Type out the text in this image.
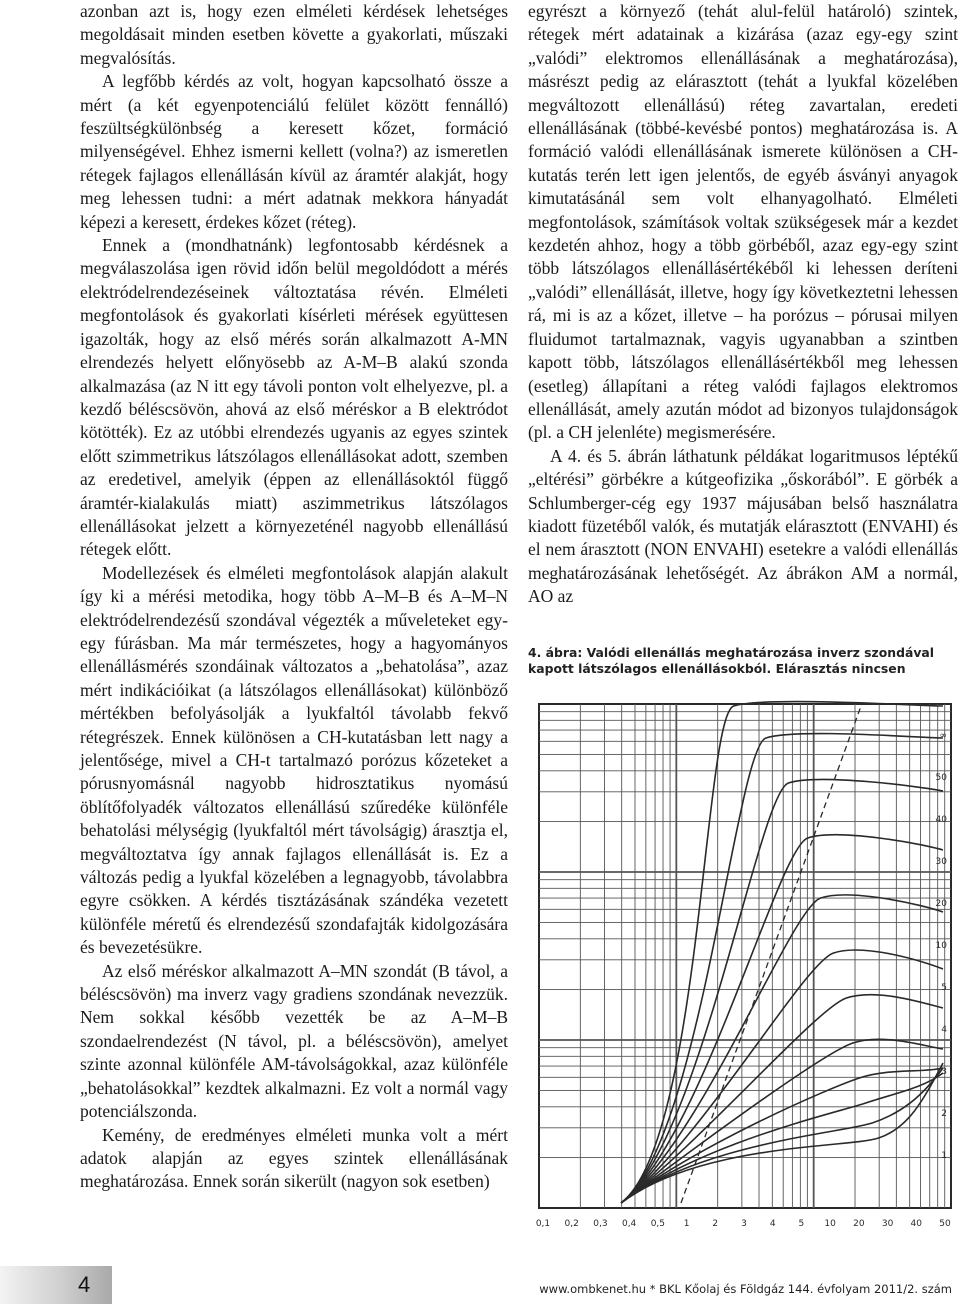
azonban azt is, hogy ezen elméleti kérdések lehetséges megoldásait minden esetben követte a gyakorlati, műszaki megvalósítás.

A legfőbb kérdés az volt, hogyan kapcsolható össze a mért (a két egyenpotenciálú felület között fennálló) feszültségkülönbség a keresett kőzet, formáció milyenségével. Ehhez ismerni kellett (volna?) az ismeretlen rétegek fajlagos ellenállásán kívül az áramtér alakját, hogy meg lehessen tudni: a mért adatnak mekkora hányadát képezi a keresett, érdekes kőzet (réteg).

Ennek a (mondhatnánk) legfontosabb kérdésnek a megválaszolása igen rövid időn belül megoldódott a mérés elektródelrendezéseinek változtatása révén. Elméleti megfontolások és gyakorlati kísérleti mérések együttesen igazolták, hogy az első mérés során alkalmazott A-MN elrendezés helyett előnyösebb az A-M–B alakú szonda alkalmazása (az N itt egy távoli ponton volt elhelyezve, pl. a kezdő béléscsövön, ahová az első méréskor a B elektródot kötötték). Ez az utóbbi elrendezés ugyanis az egyes szintek előtt szimmetrikus látszólagos ellenállásokat adott, szemben az eredetivel, amelyik (éppen az ellenállásoktól függő áramtér-kialakulás miatt) aszimmetrikus látszólagos ellenállásokat jelzett a környezeténél nagyobb ellenállású rétegek előtt.

Modellezések és elméleti megfontolások alapján alakult így ki a mérési metodika, hogy több A–M–B és A–M–N elektródelrendezésű szondával végezték a műveleteket egy-egy fúrásban. Ma már természetes, hogy a hagyományos ellenállásmérés szondáinak változatos a „behatolása”, azaz mért indikációikat (a látszólagos ellenállásokat) különböző mértékben befolyásolják a lyukfaltól távolabb fekvő rétegrészek. Ennek különösen a CH-kutatásban lett nagy a jelentősége, mivel a CH-t tartalmazó porózus kőzeteket a pórusnyomásnál nagyobb hidrosztatikus nyomású öblítőfolyadék változatos ellenállású szűredéke különféle behatolási mélységig (lyukfaltól mért távolságig) árasztja el, megváltoztatva így annak fajlagos ellenállását is. Ez a változás pedig a lyukfal közelében a legnagyobb, távolabbra egyre csökken. A kérdés tisztázásának szándéka vezetett különféle méretű és elrendezésű szondafajták kidolgozására és bevezetésükre.

Az első méréskor alkalmazott A–MN szondát (B távol, a béléscsövön) ma inverz vagy gradiens szondának nevezzük. Nem sokkal később vezették be az A–M–B szondaelrendezést (N távol, pl. a béléscsövön), amelyet szinte azonnal különféle AM-távolságokkal, azaz különféle „behatolásokkal” kezdtek alkalmazni. Ez volt a normál vagy potenciálszonda.

Kemény, de eredményes elméleti munka volt a mért adatok alapján az egyes szintek ellenállásának meghatározása. Ennek során sikerült (nagyon sok esetben)

egyrészt a környező (tehát alul-felül határoló) szintek, rétegek mért adatainak a kizárása (azaz egy-egy szint „valódi” elektromos ellenállásának a meghatározása), másrészt pedig az elárasztott (tehát a lyukfal közelében megváltozott ellenállású) réteg zavartalan, eredeti ellenállásának (többé-kevésbé pontos) meghatározása is. A formáció valódi ellenállásának ismerete különösen a CH-kutatás terén lett igen jelentős, de egyéb ásványi anyagok kimutatásánál sem volt elhanyagolható. Elméleti megfontolások, számítások voltak szükségesek már a kezdet kezdetén ahhoz, hogy a több görbéből, azaz egy-egy szint több látszólagos ellenállásértékéből ki lehessen deríteni „valódi” ellenállását, illetve, hogy így következtetni lehessen rá, mi is az a kőzet, illetve – ha porózus – pórusai milyen fluidumot tartalmaznak, vagyis ugyanabban a szintben kapott több, látszólagos ellenállásértékből meg lehessen (esetleg) állapítani a réteg valódi fajlagos elektromos ellenállását, amely azután módot ad bizonyos tulajdonságok (pl. a CH jelenléte) megismerésére.

A 4. és 5. ábrán láthatunk példákat logaritmusos léptékű „eltérési” görbékre a kútgeofizika „őskorából”. E görbék a Schlumberger-cég egy 1937 májusában belső használatra kiadott füzetéből valók, és mutatják elárasztott (ENVAHI) és el nem árasztott (NON ENVAHI) esetekre a valódi ellenállás meghatározásának lehetőségét. Az ábrákon AM a normál, AO az

4. ábra: Valódi ellenállás meghatározása inverz szondával kapott látszólagos ellenállásokból. Elárasztás nincsen
∞
50
40
30
20
10
5
4
3
2
1
0,1 0,2 0,3 0,4 0,5 1	2	3	4	5 10 20 30 40 50
4	www.ombkenet.hu * BKL Kőolaj és Földgáz 144. évfolyam 2011/2. szám
